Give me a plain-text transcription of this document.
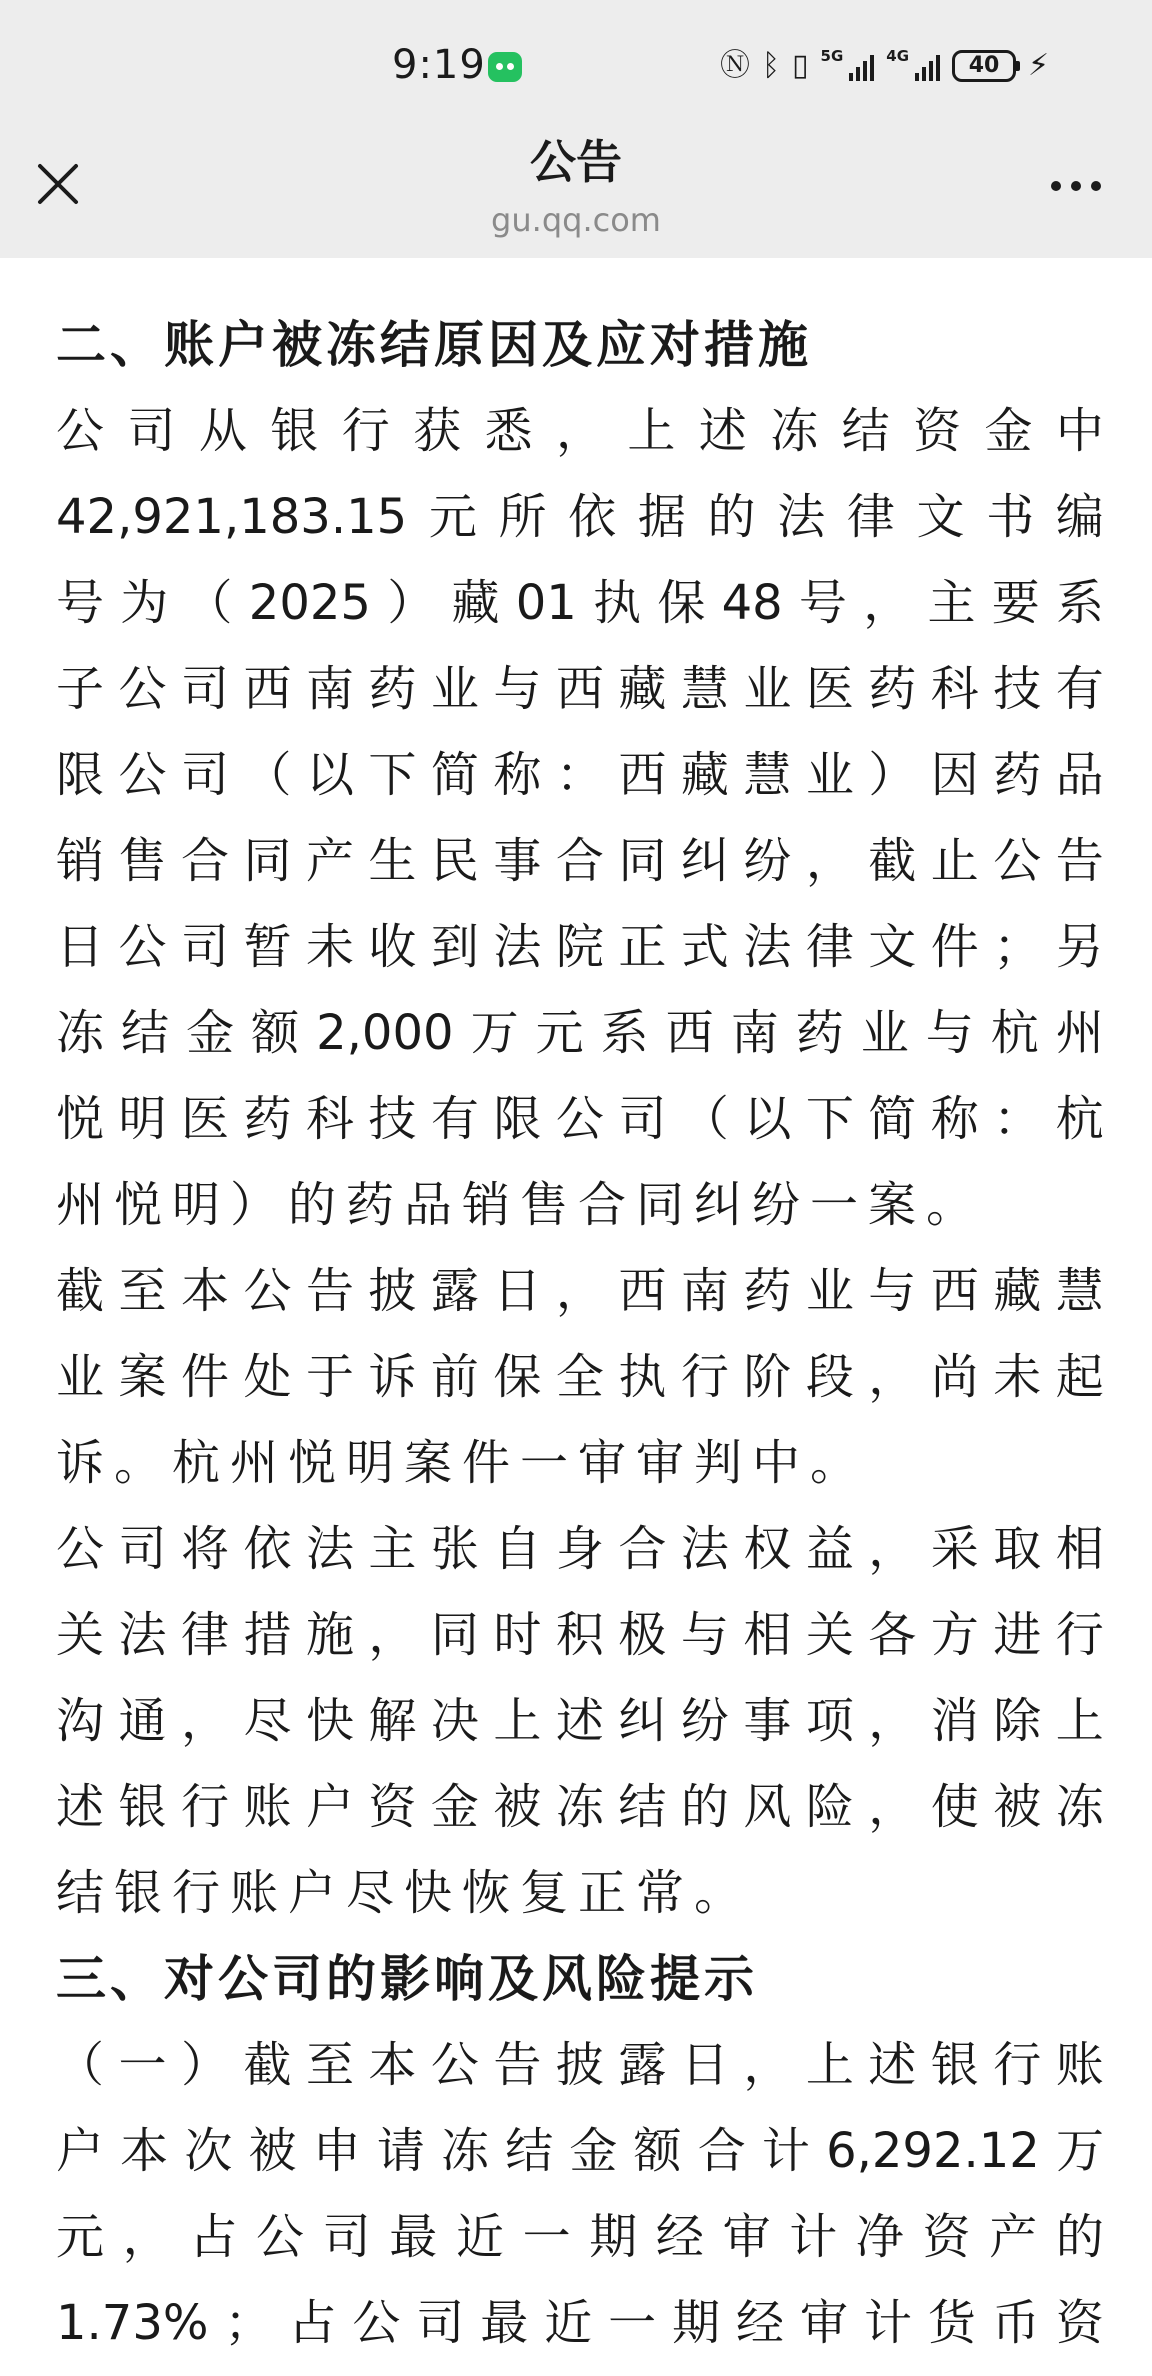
9:19	Ⓝ ᛒ ▯ 5G	4G	40 ⚡
公告
gu.qq.com
二、账户被冻结原因及应对措施
公 司 从 银 行 获 悉 ， 上 述 冻 结 资 金 中
42,921,183.15 元 所 依 据 的 法 律 文 书 编
号 为 （ 2025 ） 藏 01 执 保 48 号 ， 主 要 系
子 公 司 西 南 药 业 与 西 藏 慧 业 医 药 科 技 有
限 公 司 （ 以 下 简 称 ： 西 藏 慧 业 ） 因 药 品
销 售 合 同 产 生 民 事 合 同 纠 纷 ， 截 止 公 告
日 公 司 暂 未 收 到 法 院 正 式 法 律 文 件 ； 另
冻 结 金 额 2,000 万 元 系 西 南 药 业 与 杭 州
悦 明 医 药 科 技 有 限 公 司 （ 以 下 简 称 ： 杭
州悦明）的药品销售合同纠纷一案。
截 至 本 公 告 披 露 日 ， 西 南 药 业 与 西 藏 慧
业 案 件 处 于 诉 前 保 全 执 行 阶 段 ， 尚 未 起
诉。杭州悦明案件一审审判中。
公 司 将 依 法 主 张 自 身 合 法 权 益 ， 采 取 相
关 法 律 措 施 ， 同 时 积 极 与 相 关 各 方 进 行
沟 通 ， 尽 快 解 决 上 述 纠 纷 事 项 ， 消 除 上
述 银 行 账 户 资 金 被 冻 结 的 风 险 ， 使 被 冻
结银行账户尽快恢复正常。
三、对公司的影响及风险提示
（ 一 ） 截 至 本 公 告 披 露 日 ， 上 述 银 行 账
户 本 次 被 申 请 冻 结 金 额 合 计 6,292.12 万
元 ， 占 公 司 最 近 一 期 经 审 计 净 资 产 的
1.73% ； 占 公 司 最 近 一 期 经 审 计 货 币 资
